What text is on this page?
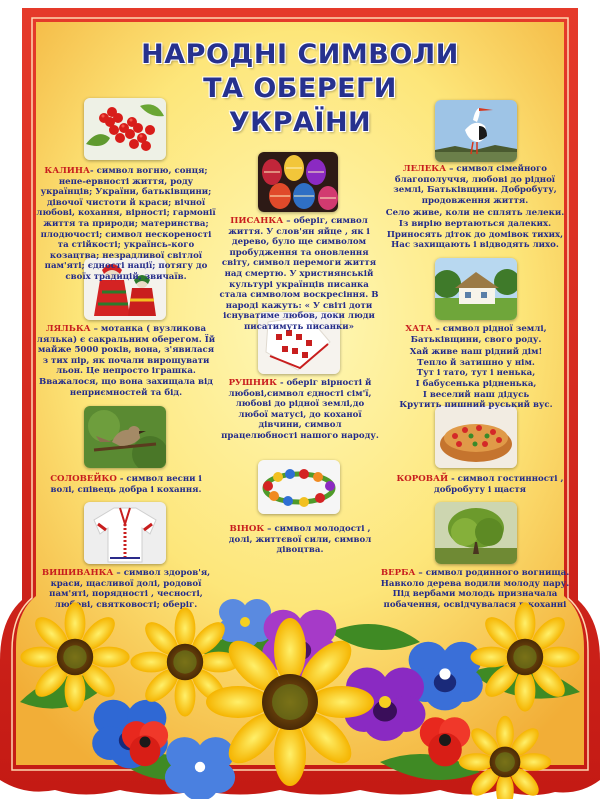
НАРОДНІ СИМВОЛИ
ТА ОБЕРЕГИ
УКРАЇНИ
КАЛИНА- символ вогню, сонця; непе-ервності життя, роду українців; України, батьківщини; дівочої чистоти й краси; вічної любові, кохання, вірності; гармонії життя та природи; материнства; плодючості; символ нескореності та стійкості; українсь-кого козацтва; незрадливої світлої пам'яті; єдності нації; потягу до своїх традицій, звичаїв.
ПИСАНКА – оберіг, символ життя. У слов'ян яйце , як і дерево, було ще символом пробудження та оновлення світу, символ перемоги життя над смертю. У християнській культурі українців писанка стала символом воскресіння. В народі кажуть: « У світі доти існуватиме любов, доки люди писатимуть писанки»

ЛЕЛЕКА – символ сімейного благополуччя, любові до рідної землі, Батьківщини. Добробуту, продовження життя.

Село живе, коли не сплять лелеки.

Із вирію вертаються далеких.

Приносять діток до домівок тихих,

Нас захищають і відводять лихо.

ЛЯЛЬКА – мотанка ( вузликова лялька) є сакральним оберегом. Їй майже 5000 років, вона, з'явилася з тих пір, як почали вирощувати льон. Це непросто іграшка. Вважалося, що вона захищала від неприємностей та бід.
РУШНИК - оберіг вірності й любові,символ єдності сім'ї, любові до рідної землі,до любої матусі, до коханої дівчини, символ працелюбності нашого народу.

ХАТА – символ рідної землі, Батьківщини, свого роду.

Хай живе наш рідний дім!

Тепло й затишно у нім.

Тут і тато, тут і ненька,

І бабусенька рідненька,

І веселий наш дідусь

Крутить пишний руський вус.

СОЛОВЕЙКО - символ весни і волі, співець добра і кохання.
КОРОВАЙ - символ гостинності , добробуту і щастя
ВІНОК – символ молодості , долі, життєвої сили, символ дівоцтва.
ВИШИВАНКА – символ здоров'я, краси, щасливої долі, родової пам'яті, порядності , чесності, любові, святковості; оберіг.
ВЕРБА – символ родинного вогнища. Навколо дерева водили молоду пару. Під вербами молодь призначала побачення, освідчувалася в коханні
